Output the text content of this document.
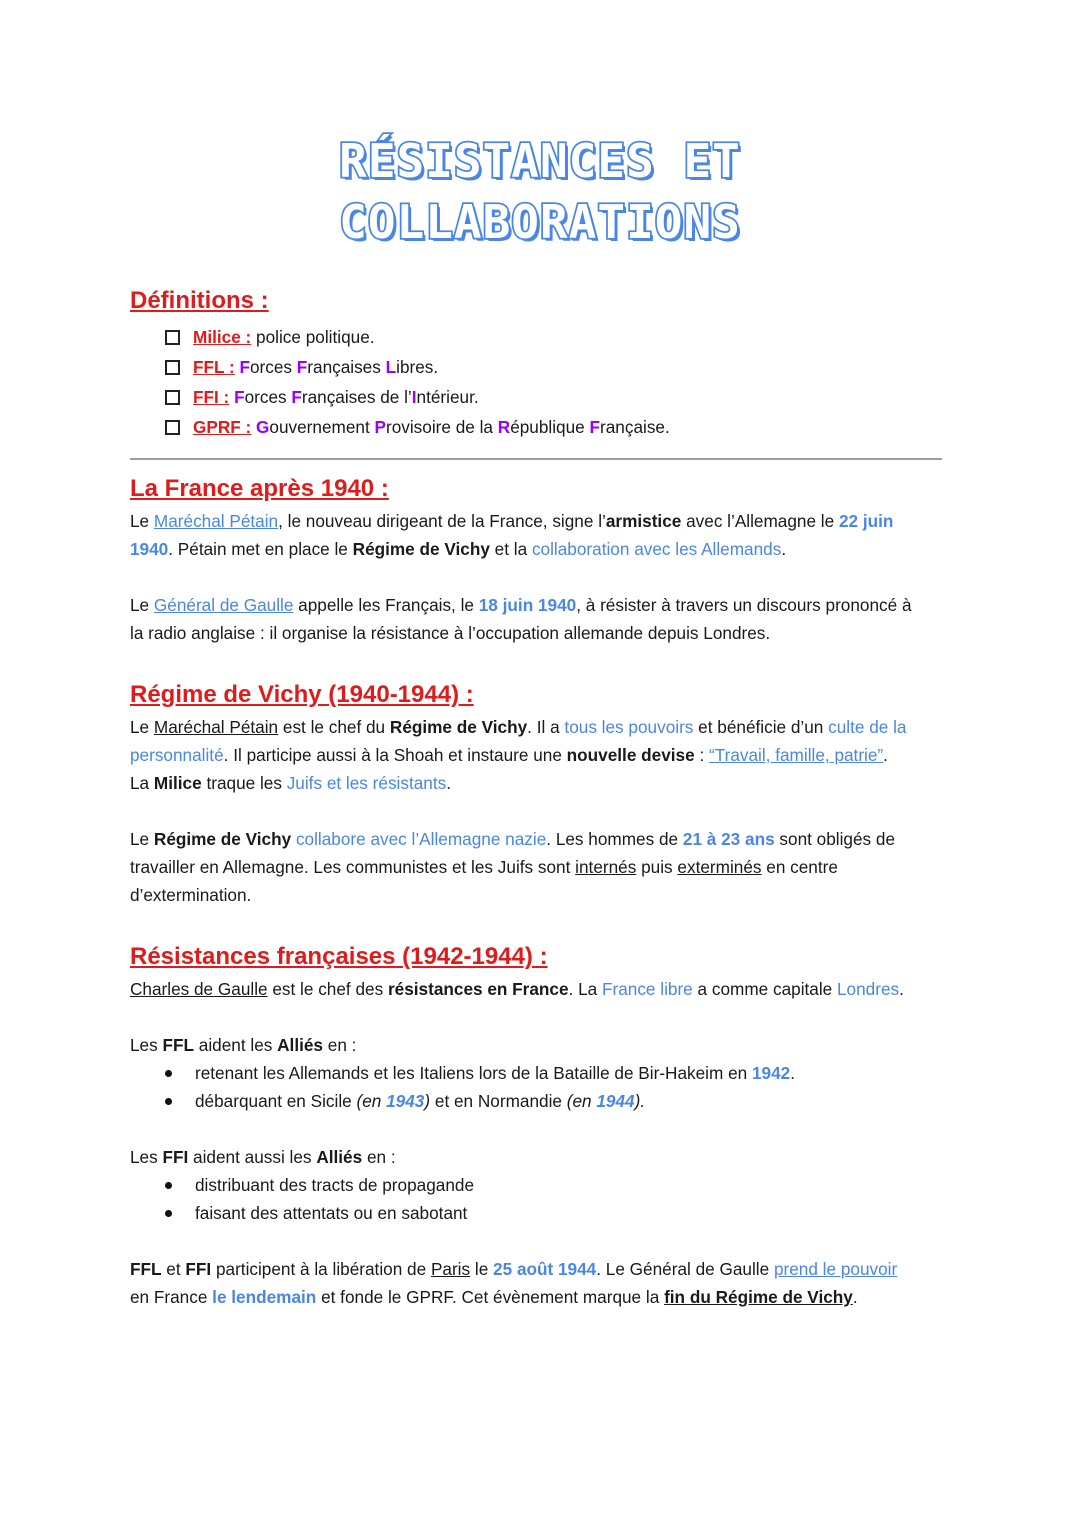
RÉSISTANCES ET
COLLABORATIONS
Définitions :
Milice : police politique.
FFL : Forces Françaises Libres.
FFI : Forces Françaises de l’Intérieur.
GPRF : Gouvernement Provisoire de la République Française.
La France après 1940 :
Le Maréchal Pétain, le nouveau dirigeant de la France, signe l’armistice avec l’Allemagne le 22 juin
1940. Pétain met en place le Régime de Vichy et la collaboration avec les Allemands.
Le Général de Gaulle appelle les Français, le 18 juin 1940, à résister à travers un discours prononcé à
la radio anglaise : il organise la résistance à l’occupation allemande depuis Londres.
Régime de Vichy (1940-1944) :
Le Maréchal Pétain est le chef du Régime de Vichy. Il a tous les pouvoirs et bénéficie d’un culte de la
personnalité. Il participe aussi à la Shoah et instaure une nouvelle devise : “Travail, famille, patrie”.
La Milice traque les Juifs et les résistants.
Le Régime de Vichy collabore avec l’Allemagne nazie. Les hommes de 21 à 23 ans sont obligés de
travailler en Allemagne. Les communistes et les Juifs sont internés puis exterminés en centre
d’extermination.
Résistances françaises (1942-1944) :
Charles de Gaulle est le chef des résistances en France. La France libre a comme capitale Londres.
Les FFL aident les Alliés en :
retenant les Allemands et les Italiens lors de la Bataille de Bir-Hakeim en 1942.
débarquant en Sicile (en 1943) et en Normandie (en 1944).
Les FFI aident aussi les Alliés en :
distribuant des tracts de propagande
faisant des attentats ou en sabotant
FFL et FFI participent à la libération de Paris le 25 août 1944. Le Général de Gaulle prend le pouvoir
en France le lendemain et fonde le GPRF. Cet évènement marque la fin du Régime de Vichy.
